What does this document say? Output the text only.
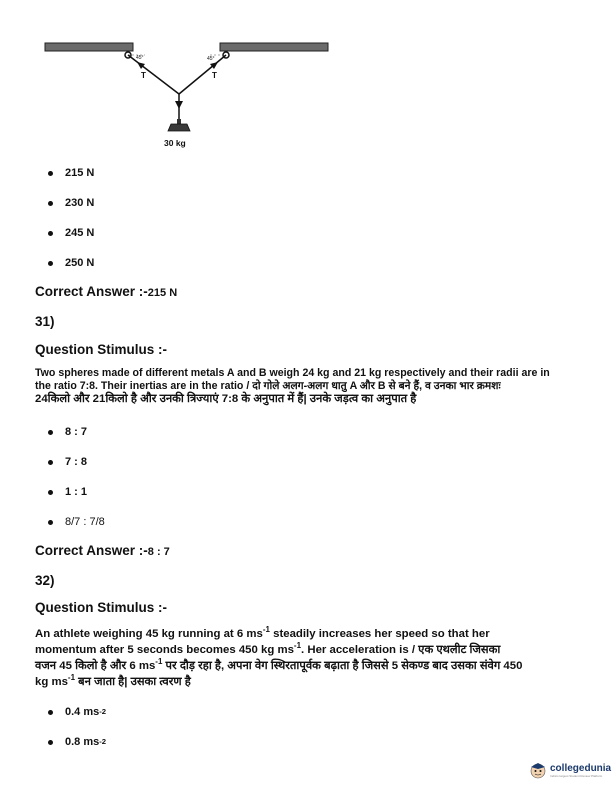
45°	45°
T	T
30 kg
215 N
230 N
245 N
250 N
Correct Answer :-215 N
31)
Question Stimulus :-
Two spheres made of different metals A and B weigh 24 kg and 21 kg respectively and their radii are in
the ratio 7:8. Their inertias are in the ratio / दो गोले अलग-अलग धातु A और B से बने हैं, व उनका भार क्रमशः
24किलो और 21किलो है और उनकी त्रिज्याएं 7:8 के अनुपात में हैं| उनके जड़त्व का अनुपात है
8 : 7
7 : 8
1 : 1
8/7 : 7/8
Correct Answer :-8 : 7
32)
Question Stimulus :-
An athlete weighing 45 kg running at 6 $ms^{-1}$ steadily increases her speed so that her
momentum after 5 seconds becomes 450 kg $ms^{-1}$. Her acceleration is / एक एथलीट जिसका
वजन 45 किलो है और 6 $ms^{-1}$ पर दौड़ रहा है, अपना वेग स्थिरतापूर्वक बढ़ाता है जिससे 5 सेकण्ड बाद उसका संवेग 450
kg $ms^{-1}$ बन जाता है| उसका त्वरण है
0.4 ms -2
0.8 ms -2
collegedunia
India's largest Student Review Platform
